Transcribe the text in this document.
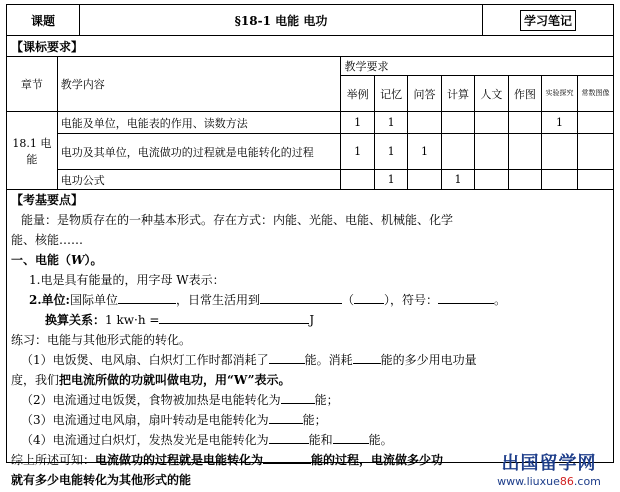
课题	§18-1 电能 电功	学习笔记
【课标要求】
章节	教学内容	教学要求							
		举例	记忆	问答	计算	人文	作图	实验探究	常数图像
18.1 电能	电能及单位，电能表的作用、读数方法	1	1					1	
	电功及其单位，电流做功的过程就是电能转化的过程	1	1	1					
	电功公式		1		1				
【考基要点】
能量：是物质存在的一种基本形式。存在方式：内能、光能、电能、机械能、化学
能、核能……
一、电能（W）。
1.电是具有能量的，用字母 W表示：
2.单位:国际单位	，日常生活用到	（	），符号：	。
换算关系：1 kw·h =	J
练习：电能与其他形式能的转化。
（1）电饭煲、电风扇、白炽灯工作时都消耗了	能。消耗 能的多少用电功量
度，我们把电流所做的功就叫做电功，用“W”表示。
（2）电流通过电饭煲，食物被加热是电能转化为	能；
（3）电流通过电风扇，扇叶转动是电能转化为	能；
（4）电流通过白炽灯，发热发光是电能转化为	能和	能。
综上所述可知：电流做功的过程就是电能转化为	能的过程，电流做多少功
就有多少电能转化为其他形式的能
出国留学网
www.liuxue86.com
